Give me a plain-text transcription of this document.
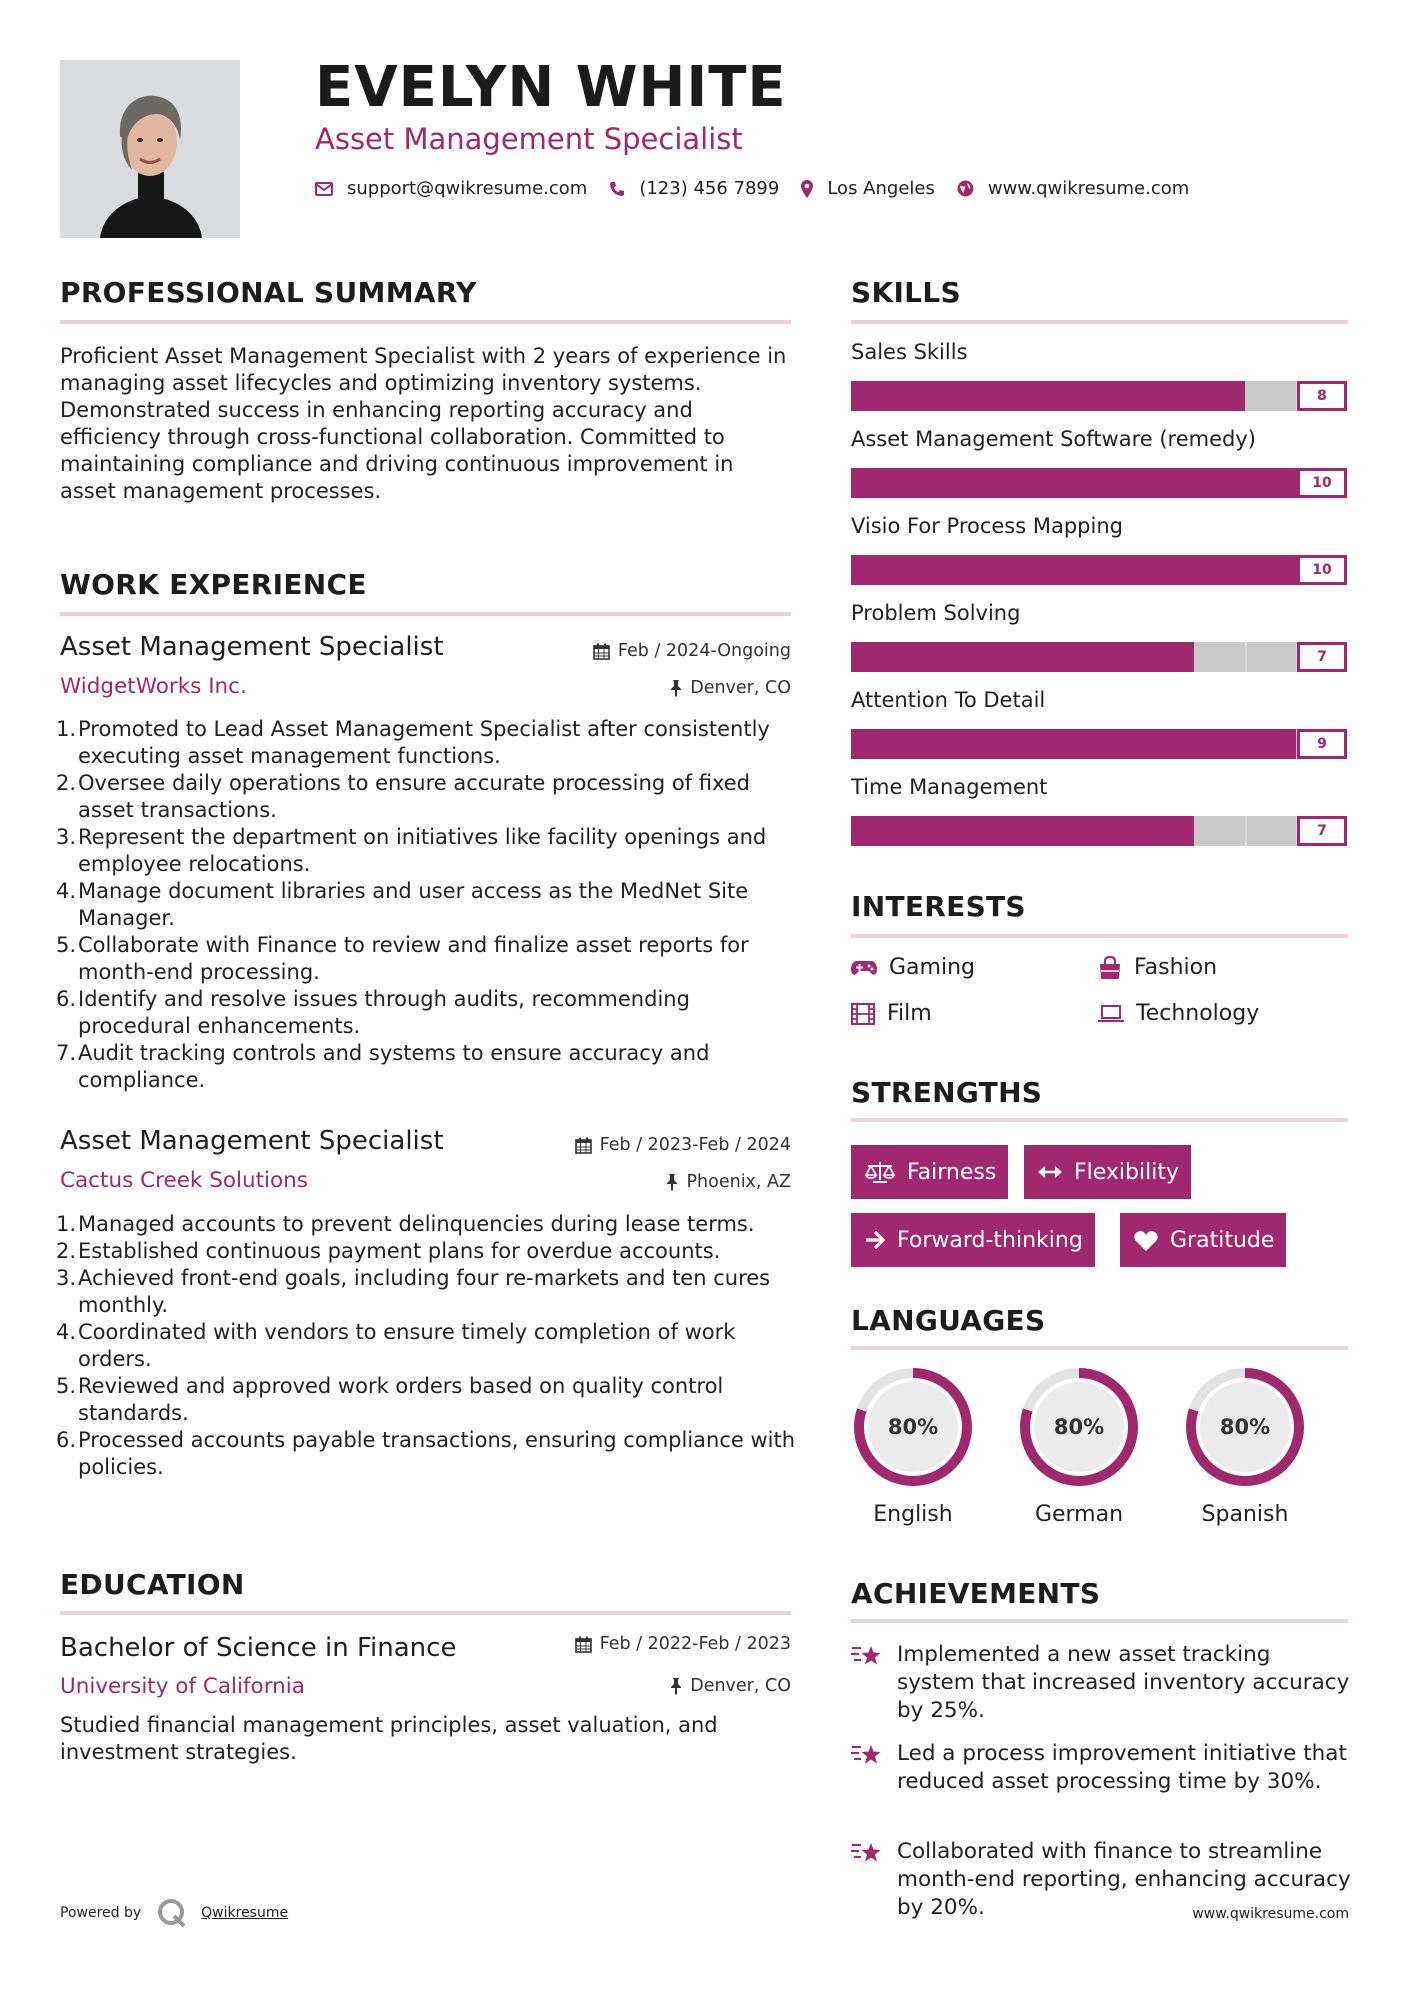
EVELYN WHITE
Asset Management Specialist
support@qwikresume.com	(123) 456 7899	Los Angeles	www.qwikresume.com
PROFESSIONAL SUMMARY
Proficient Asset Management Specialist with 2 years of experience in managing asset lifecycles and optimizing inventory systems. Demonstrated success in enhancing reporting accuracy and efficiency through cross-functional collaboration. Committed to maintaining compliance and driving continuous improvement in asset management processes.
WORK EXPERIENCE
Asset Management Specialist	Feb / 2024-Ongoing
WidgetWorks Inc.	Denver, CO
1. Promoted to Lead Asset Management Specialist after consistently executing asset management functions.
2. Oversee daily operations to ensure accurate processing of fixed asset transactions.
3. Represent the department on initiatives like facility openings and employee relocations.
4. Manage document libraries and user access as the MedNet Site Manager.
5. Collaborate with Finance to review and finalize asset reports for month-end processing.
6. Identify and resolve issues through audits, recommending procedural enhancements.
7. Audit tracking controls and systems to ensure accuracy and compliance.
Asset Management Specialist	Feb / 2023-Feb / 2024
Cactus Creek Solutions	Phoenix, AZ
1. Managed accounts to prevent delinquencies during lease terms.
2. Established continuous payment plans for overdue accounts.
3. Achieved front-end goals, including four re-markets and ten cures monthly.
4. Coordinated with vendors to ensure timely completion of work orders.
5. Reviewed and approved work orders based on quality control standards.
6. Processed accounts payable transactions, ensuring compliance with policies.
EDUCATION
Bachelor of Science in Finance	Feb / 2022-Feb / 2023
University of California	Denver, CO
Studied financial management principles, asset valuation, and investment strategies.
SKILLS
Sales Skills
8
Asset Management Software (remedy)
10
Visio For Process Mapping
10
Problem Solving
7
Attention To Detail
9
Time Management
7
INTERESTS
Gaming	Fashion
Film	Technology
STRENGTHS
Fairness	Flexibility
Forward-thinking	Gratitude
LANGUAGES
80%
English
80%
German
80%
Spanish
ACHIEVEMENTS
Implemented a new asset tracking system that increased inventory accuracy by 25%.
Led a process improvement initiative that reduced asset processing time by 30%.
Collaborated with finance to streamline month-end reporting, enhancing accuracy by 20%.
Powered by	Qwikresume	www.qwikresume.com
